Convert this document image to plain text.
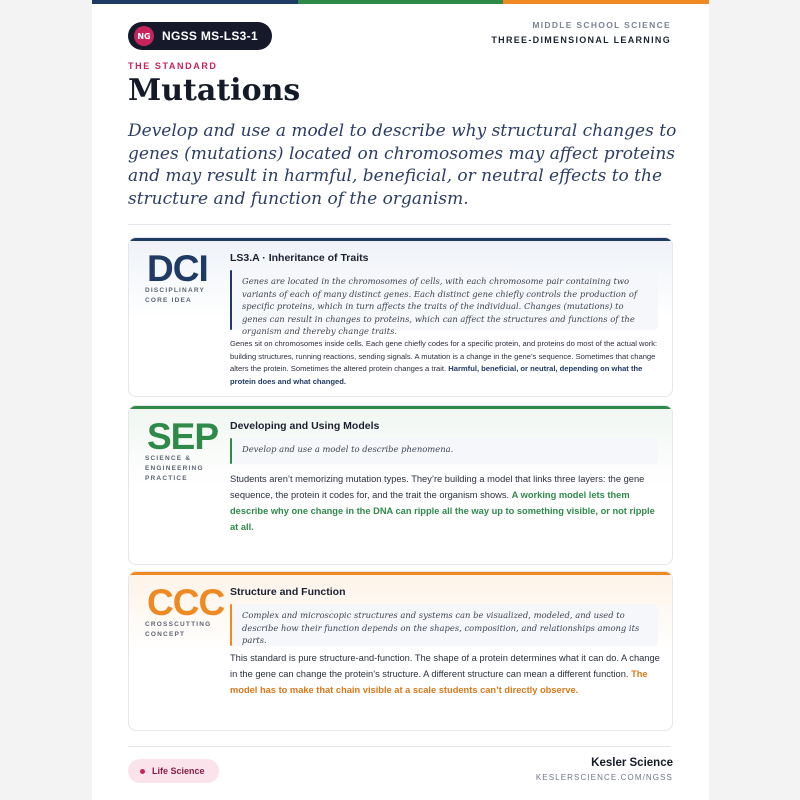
NG NGSS MS-LS3-1
MIDDLE SCHOOL SCIENCE
THREE-DIMENSIONAL LEARNING
THE STANDARD
Mutations
Develop and use a model to describe why structural changes to genes (mutations) located on chromosomes may affect proteins and may result in harmful, beneficial, or neutral effects to the structure and function of the organism.
DCI
DISCIPLINARY CORE IDEA
LS3.A · Inheritance of Traits
Genes are located in the chromosomes of cells, with each chromosome pair containing two variants of each of many distinct genes. Each distinct gene chiefly controls the production of specific proteins, which in turn affects the traits of the individual. Changes (mutations) to genes can result in changes to proteins, which can affect the structures and functions of the organism and thereby change traits.
Genes sit on chromosomes inside cells. Each gene chiefly codes for a specific protein, and proteins do most of the actual work: building structures, running reactions, sending signals. A mutation is a change in the gene’s sequence. Sometimes that change alters the protein. Sometimes the altered protein changes a trait. Harmful, beneficial, or neutral, depending on what the protein does and what changed.
SEP
SCIENCE & ENGINEERING PRACTICE
Developing and Using Models
Develop and use a model to describe phenomena.
Students aren’t memorizing mutation types. They’re building a model that links three layers: the gene sequence, the protein it codes for, and the trait the organism shows. A working model lets them describe why one change in the DNA can ripple all the way up to something visible, or not ripple at all.
CCC
CROSSCUTTING CONCEPT
Structure and Function
Complex and microscopic structures and systems can be visualized, modeled, and used to describe how their function depends on the shapes, composition, and relationships among its parts.
This standard is pure structure-and-function. The shape of a protein determines what it can do. A change in the gene can change the protein’s structure. A different structure can mean a different function. The model has to make that chain visible at a scale students can’t directly observe.
Life Science
Kesler Science
KESLERSCIENCE.COM/NGSS
